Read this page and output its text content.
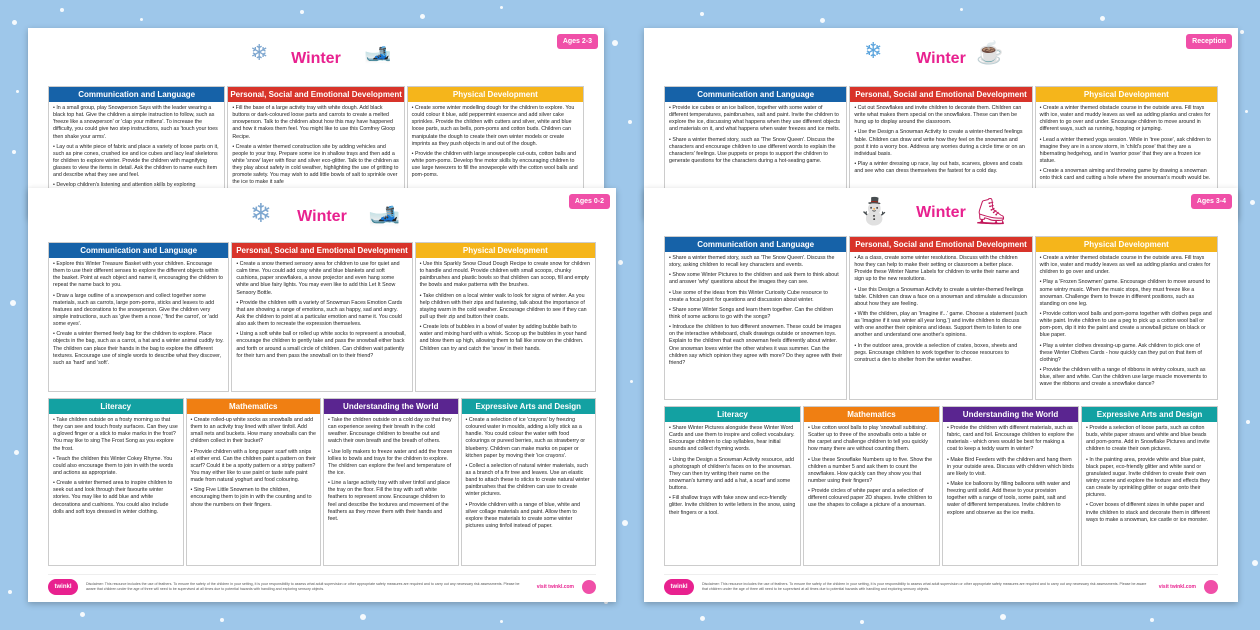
❄	Winter	🎿	Ages 2-3
Communication and Language

• In a small group, play Snowperson Says with the leader wearing a black top hat. Give the children a simple instruction to follow, such as 'freeze like a snowperson' or 'clap your mittens'. To increase the difficulty, you could give two step instructions, such as 'touch your toes then shake your arms'.

• Lay out a white piece of fabric and place a variety of loose parts on it, such as pine cones, crushed ice and ice cubes and lacy leaf skeletons for children to explore winter. Provide the children with magnifying glasses to view the items in detail. Ask the children to name each item and describe what they see and feel.

• Develop children's listening and attention skills by exploring

Personal, Social and Emotional Development

• Fill the base of a large activity tray with white dough. Add black buttons or dark-coloured loose parts and carrots to create a melted snowperson. Talk to the children about how this may have happened and how it makes them feel. You might like to use this Comfrey Gloop Recipe.

• Create a winter themed construction site by adding vehicles and people to your tray. Prepare some ice in shallow trays and then add a white 'snow' layer with flour and silver eco-glitter. Talk to the children as they play about safety in cold weather, highlighting the use of gritting to promote safety. You may wish to add little bowls of salt to sprinkle over the ice to make it safe

Physical Development

• Create some winter modelling dough for the children to explore. You could colour it blue, add peppermint essence and add silver cake sprinkles. Provide the children with cutters and silver, white and blue loose parts, such as bells, pom-poms and cotton buds. Children can manipulate the dough to create their own winter models or create imprints as they push objects in and out of the dough.

• Provide the children with large snowpeople cut-outs, cotton balls and white pom-poms. Develop fine motor skills by encouraging children to use large tweezers to fill the snowpeople with the cotton wool balls and pom-poms.

❄	Winter ☕	Reception
Communication and Language

• Provide ice cubes or an ice balloon, together with some water of different temperatures, paintbrushes, salt and paint. Invite the children to explore the ice, discussing what happens when they use different objects and materials on it, and what happens when water freezes and ice melts.

• Share a winter themed story, such as 'The Snow Queen'. Discuss the characters and encourage children to use different words to explain the characters' feelings. Use puppets or props to support the children to generate questions for the characters during a hot-seating game.

Personal, Social and Emotional Development

• Cut out Snowflakes and invite children to decorate them. Children can write what makes them special on the snowflakes. These can then be hung up to display around the classroom.

• Use the Design a Snowman Activity to create a winter-themed feelings fable. Children can draw and write how they feel on the snowman and post it into a worry box. Address any worries during a circle time or on an individual basis.

• Play a winter dressing up race, lay out hats, scarves, gloves and coats and see who can dress themselves the fastest for a cold day.

Physical Development

• Create a winter themed obstacle course in the outside area. Fill trays with ice, water and muddy leaves as well as adding planks and crates for children to go over and under. Encourage children to move around in different ways, such as running, hopping or jumping.

• Lead a winter themed yoga session. While in 'tree pose', ask children to imagine they are in a snow storm, in 'child's pose' that they are a hibernating hedgehog, and in 'warrior pose' that they are a frozen ice statue.

• Create a snowman aiming and throwing game by drawing a snowman onto thick card and cutting a hole where the snowman's mouth would be.

❄	Winter 🎿	Ages 0-2
Communication and Language

• Explore this Winter Treasure Basket with your children. Encourage them to use their different senses to explore the different objects within the basket. Point at each object and name it, encouraging the children to repeat the name back to you.

• Draw a large outline of a snowperson and collect together some materials, such as carrots, large pom-poms, sticks and leaves to add features and decorations to the snowperson. Give the children very simple instructions, such as 'give them a nose,' 'find the carrot', or 'add some eyes'.

• Create a winter themed feely bag for the children to explore. Place objects in the bag, such as a carrot, a hat and a winter animal cuddly toy. The children can place their hands in the bag to explore the different textures. Encourage use of single words to describe what they discover, such as 'hard' and 'soft'.

Personal, Social and Emotional Development

• Create a snow themed sensory area for children to use for quiet and calm time. You could add cosy white and blue blankets and soft cushions, paper snowflakes, a snow projector and even hang some white and blue fairy lights. You may even like to add this Let It Snow Sensory Bottle.

• Provide the children with a variety of Snowman Faces Emotion Cards that are showing a range of emotions, such as happy, sad and angry. Ask the children to point at a particular emotion and name it. You could also ask them to recreate the expression themselves.

• Using a soft white ball or rolled up white socks to represent a snowball, encourage the children to gently take and pass the snowball either back and forth or around a small circle of children. Can children wait patiently for their turn and then pass the snowball on to their friend?

Physical Development

• Use this Sparkly Snow Cloud Dough Recipe to create snow for children to handle and mould. Provide children with small scoops, chunky paintbrushes and plastic bowls so that children can scoop, fill and empty the bowls and make patterns with the brushes.

• Take children on a local winter walk to look for signs of winter. As you help children with their zips and fastening, talk about the importance of staying warm in the cold weather. Encourage children to see if they can pull up their zip and button their coats.

• Create lots of bubbles in a bowl of water by adding bubble bath to water and mixing hard with a whisk. Scoop up the bubbles in your hand and blow them up high, allowing them to fall like snow on the children. Children can try and catch the 'snow' in their hands.

Literacy

• Take children outside on a frosty morning so that they can see and touch frosty surfaces. Can they use a gloved finger or a stick to make marks in the frost? You may like to sing The Frost Song as you explore the frost.

• Teach the children this Winter Cokey Rhyme. You could also encourage them to join in with the words and actions as appropriate.

• Create a winter themed area to inspire children to seek out and look through their favourite winter stories. You may like to add blue and white decorations and cushions. You could also include dolls and soft toys dressed in winter clothing.

Mathematics

• Create rolled-up white socks as snowballs and add them to an activity tray lined with silver tinfoil. Add small nets and buckets. How many snowballs can the children collect in their bucket?

• Provide children with a long paper scarf with snips at either end. Can the children paint a pattern on their scarf? Could it be a spotty pattern or a stripy pattern? You may either like to use paint or taste safe paint made from natural yoghurt and food colouring.

• Sing Five Little Snowmen to the children, encouraging them to join in with the counting and to show the numbers on their fingers.

Understanding the World

• Take the children outside on a cold day so that they can experience seeing their breath in the cold weather. Encourage children to breathe out and watch their own breath and the breath of others.

• Use lolly makers to freeze water and add the frozen lollies to bowls and trays for the children to explore. The children can explore the feel and temperature of the ice.

• Line a large activity tray with silver tinfoil and place the tray on the floor. Fill the tray with soft white feathers to represent snow. Encourage children to feel and describe the textures and movement of the feathers as they move them with their hands and feet.

Expressive Arts and Design

• Create a selection of ice 'crayons' by freezing coloured water in moulds, adding a lolly stick as a handle. You could colour the water with food colourings or pureed berries, such as strawberry or blueberry. Children can make marks on paper or kitchen paper by moving their 'ice crayons'.

• Collect a selection of natural winter materials, such as a branch of a fir tree and leaves. Use an elastic band to attach these to sticks to create natural winter paintbrushes that the children can use to create winter pictures.

• Provide children with a range of blue, white and silver collage materials and paint. Allow them to explore these materials to create some winter pictures using tinfoil instead of paper.

twinkl	Disclaimer: This resource includes the use of feathers. To ensure the safety of the children in your setting, it is your responsibility to assess what adult supervision or other appropriate safety measures are required and to carry out any necessary risk assessments. Please be aware that children under the age of three will need to be supervised at all times due to potential hazards with handling and exploring sensory objects.	visit twinkl.com
⛄	Winter ⛸	Ages 3-4
Communication and Language

• Share a winter themed story, such as 'The Snow Queen'. Discuss the story, asking children to recall key characters and events.

• Show some Winter Pictures to the children and ask them to think about and answer 'why' questions about the images they can see.

• Use some of the ideas from this Winter Curiosity Cube resource to create a focal point for questions and discussion about winter.

• Share some Winter Songs and learn them together. Can the children think of some actions to go with the songs?

• Introduce the children to two different snowmen. These could be images on the interactive whiteboard, chalk drawings outside or snowmen toys. Explain to the children that each snowman feels differently about winter. One snowman loves winter the other wishes it was summer. Can the children say which opinion they agree with more? Do they agree with their friend?

Personal, Social and Emotional Development

• As a class, create some winter resolutions. Discuss with the children how they can help to make their setting or classroom a better place. Provide these Winter Name Labels for children to write their name and sign up to the new resolutions.

• Use this Design a Snowman Activity to create a winter-themed feelings table. Children can draw a face on a snowman and stimulate a discussion about how they are feeling.

• With the children, play an 'Imagine if...' game. Choose a statement (such as 'Imagine if it was winter all year long.') and invite children to discuss with one another their opinions and ideas. Support them to listen to one another and understand one another's opinions.

• In the outdoor area, provide a selection of crates, boxes, sheets and pegs. Encourage children to work together to choose resources to construct a den to shelter from the winter weather.

Physical Development

• Create a winter themed obstacle course in the outside area. Fill trays with ice, water and muddy leaves as well as adding planks and crates for children to go over and under.

• Play a 'Frozen Snowmen' game. Encourage children to move around to some wintry music. When the music stops, they must freeze like a snowman. Challenge them to freeze in different positions, such as standing on one leg.

• Provide cotton wool balls and pom-poms together with clothes pegs and white paint. Invite children to use a peg to pick up a cotton wool ball or pom-pom, dip it into the paint and create a snowball picture on black or blue paper.

• Play a winter clothes dressing-up game. Ask children to pick one of these Winter Clothes Cards - how quickly can they put on that item of clothing?

• Provide the children with a range of ribbons in wintry colours, such as blue, silver and white. Can the children use large muscle movements to wave the ribbons and create a snowflake dance?

Literacy

• Share Winter Pictures alongside these Winter Word Cards and use them to inspire and collect vocabulary. Encourage children to clap syllables, hear initial sounds and collect rhyming words.

• Using the Design a Snowman Activity resource, add a photograph of children's faces on to the snowman. They can then try writing their name on the snowman's tummy and add a hat, a scarf and some buttons.

• Fill shallow trays with fake snow and eco-friendly glitter. Invite children to write letters in the snow, using their fingers or a tool.

Mathematics

• Use cotton wool balls to play 'snowball subitising'. Scatter up to three of the snowballs onto a table or the carpet and challenge children to tell you quickly how many there are without counting them.

• Use these Snowflake Numbers up to five. Show the children a number 5 and ask them to count the snowflakes. How quickly can they show you that number using their fingers?

• Provide circles of white paper and a selection of different coloured paper 2D shapes. Invite children to use the shapes to collage a picture of a snowman.

Understanding the World

• Provide the children with different materials, such as fabric, card and foil. Encourage children to explore the materials - which ones would be best for making a coat to keep a teddy warm in winter?

• Make Bird Feeders with the children and hang them in your outside area. Discuss with children which birds are likely to visit.

• Make ice balloons by filling balloons with water and freezing until solid. Add these to your provision together with a range of tools, some paint, salt and water of different temperatures. Invite children to explore and observe as the ice melts.

Expressive Arts and Design

• Provide a selection of loose parts, such as cotton buds, white paper straws and white and blue beads and pom-poms. Add in Snowflake Pictures and invite children to create their own pictures.

• In the painting area, provide white and blue paint, black paper, eco-friendly glitter and white sand or granulated sugar. Invite children to create their own wintry scene and explore the texture and effects they can create by sprinkling glitter or sugar onto their pictures.

• Cover boxes of different sizes in white paper and invite children to stack and decorate them in different ways to make a snowman, ice castle or ice monster.

twinkl	Disclaimer: This resource includes the use of feathers. To ensure the safety of the children in your setting, it is your responsibility to assess what adult supervision or other appropriate safety measures are required and to carry out any necessary risk assessments. Please be aware that children under the age of three will need to be supervised at all times due to potential hazards with handling and exploring sensory objects.	visit twinkl.com
